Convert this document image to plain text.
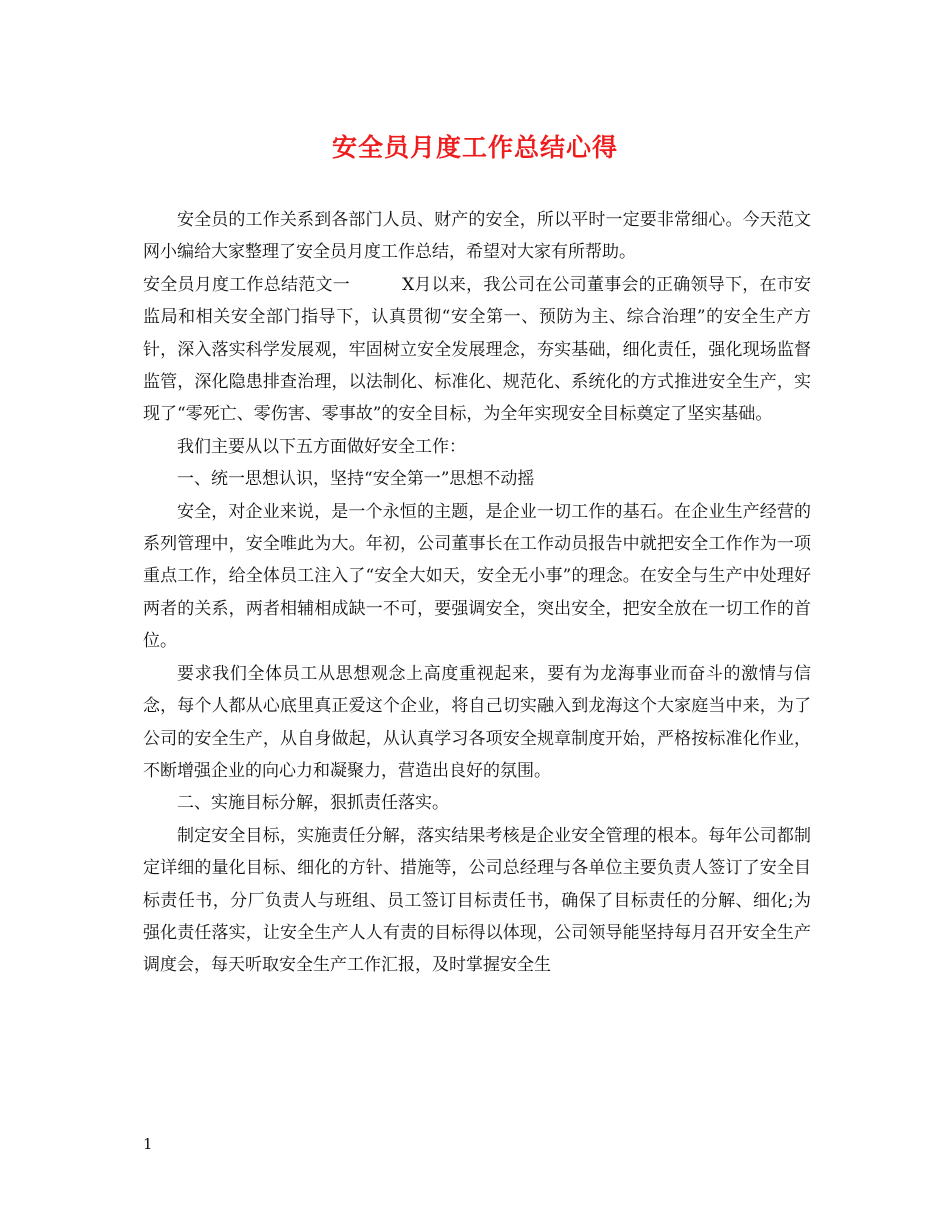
安全员月度工作总结心得

安全员的工作关系到各部门人员、财产的安全，所以平时一定要非常细心。今天范文网小编给大家整理了安全员月度工作总结，希望对大家有所帮助。

安全员月度工作总结范文一	X月以来，我公司在公司董事会的正确领导下，在市安监局和相关安全部门指导下，认真贯彻“安全第一、预防为主、综合治理”的安全生产方针，深入落实科学发展观，牢固树立安全发展理念，夯实基础，细化责任，强化现场监督监管，深化隐患排查治理，以法制化、标准化、规范化、系统化的方式推进安全生产，实现了“零死亡、零伤害、零事故”的安全目标，为全年实现安全目标奠定了坚实基础。

我们主要从以下五方面做好安全工作：

一、统一思想认识，坚持“安全第一”思想不动摇

安全，对企业来说，是一个永恒的主题，是企业一切工作的基石。在企业生产经营的系列管理中，安全唯此为大。年初，公司董事长在工作动员报告中就把安全工作作为一项重点工作，给全体员工注入了“安全大如天，安全无小事”的理念。在安全与生产中处理好两者的关系，两者相辅相成缺一不可，要强调安全，突出安全，把安全放在一切工作的首位。

要求我们全体员工从思想观念上高度重视起来，要有为龙海事业而奋斗的激情与信念，每个人都从心底里真正爱这个企业，将自己切实融入到龙海这个大家庭当中来，为了公司的安全生产，从自身做起，从认真学习各项安全规章制度开始，严格按标准化作业，不断增强企业的向心力和凝聚力，营造出良好的氛围。

二、实施目标分解，狠抓责任落实。

制定安全目标，实施责任分解，落实结果考核是企业安全管理的根本。每年公司都制定详细的量化目标、细化的方针、措施等，公司总经理与各单位主要负责人签订了安全目标责任书，分厂负责人与班组、员工签订目标责任书，确保了目标责任的分解、细化;为强化责任落实，让安全生产人人有责的目标得以体现，公司领导能坚持每月召开安全生产调度会，每天听取安全生产工作汇报，及时掌握安全生

1
